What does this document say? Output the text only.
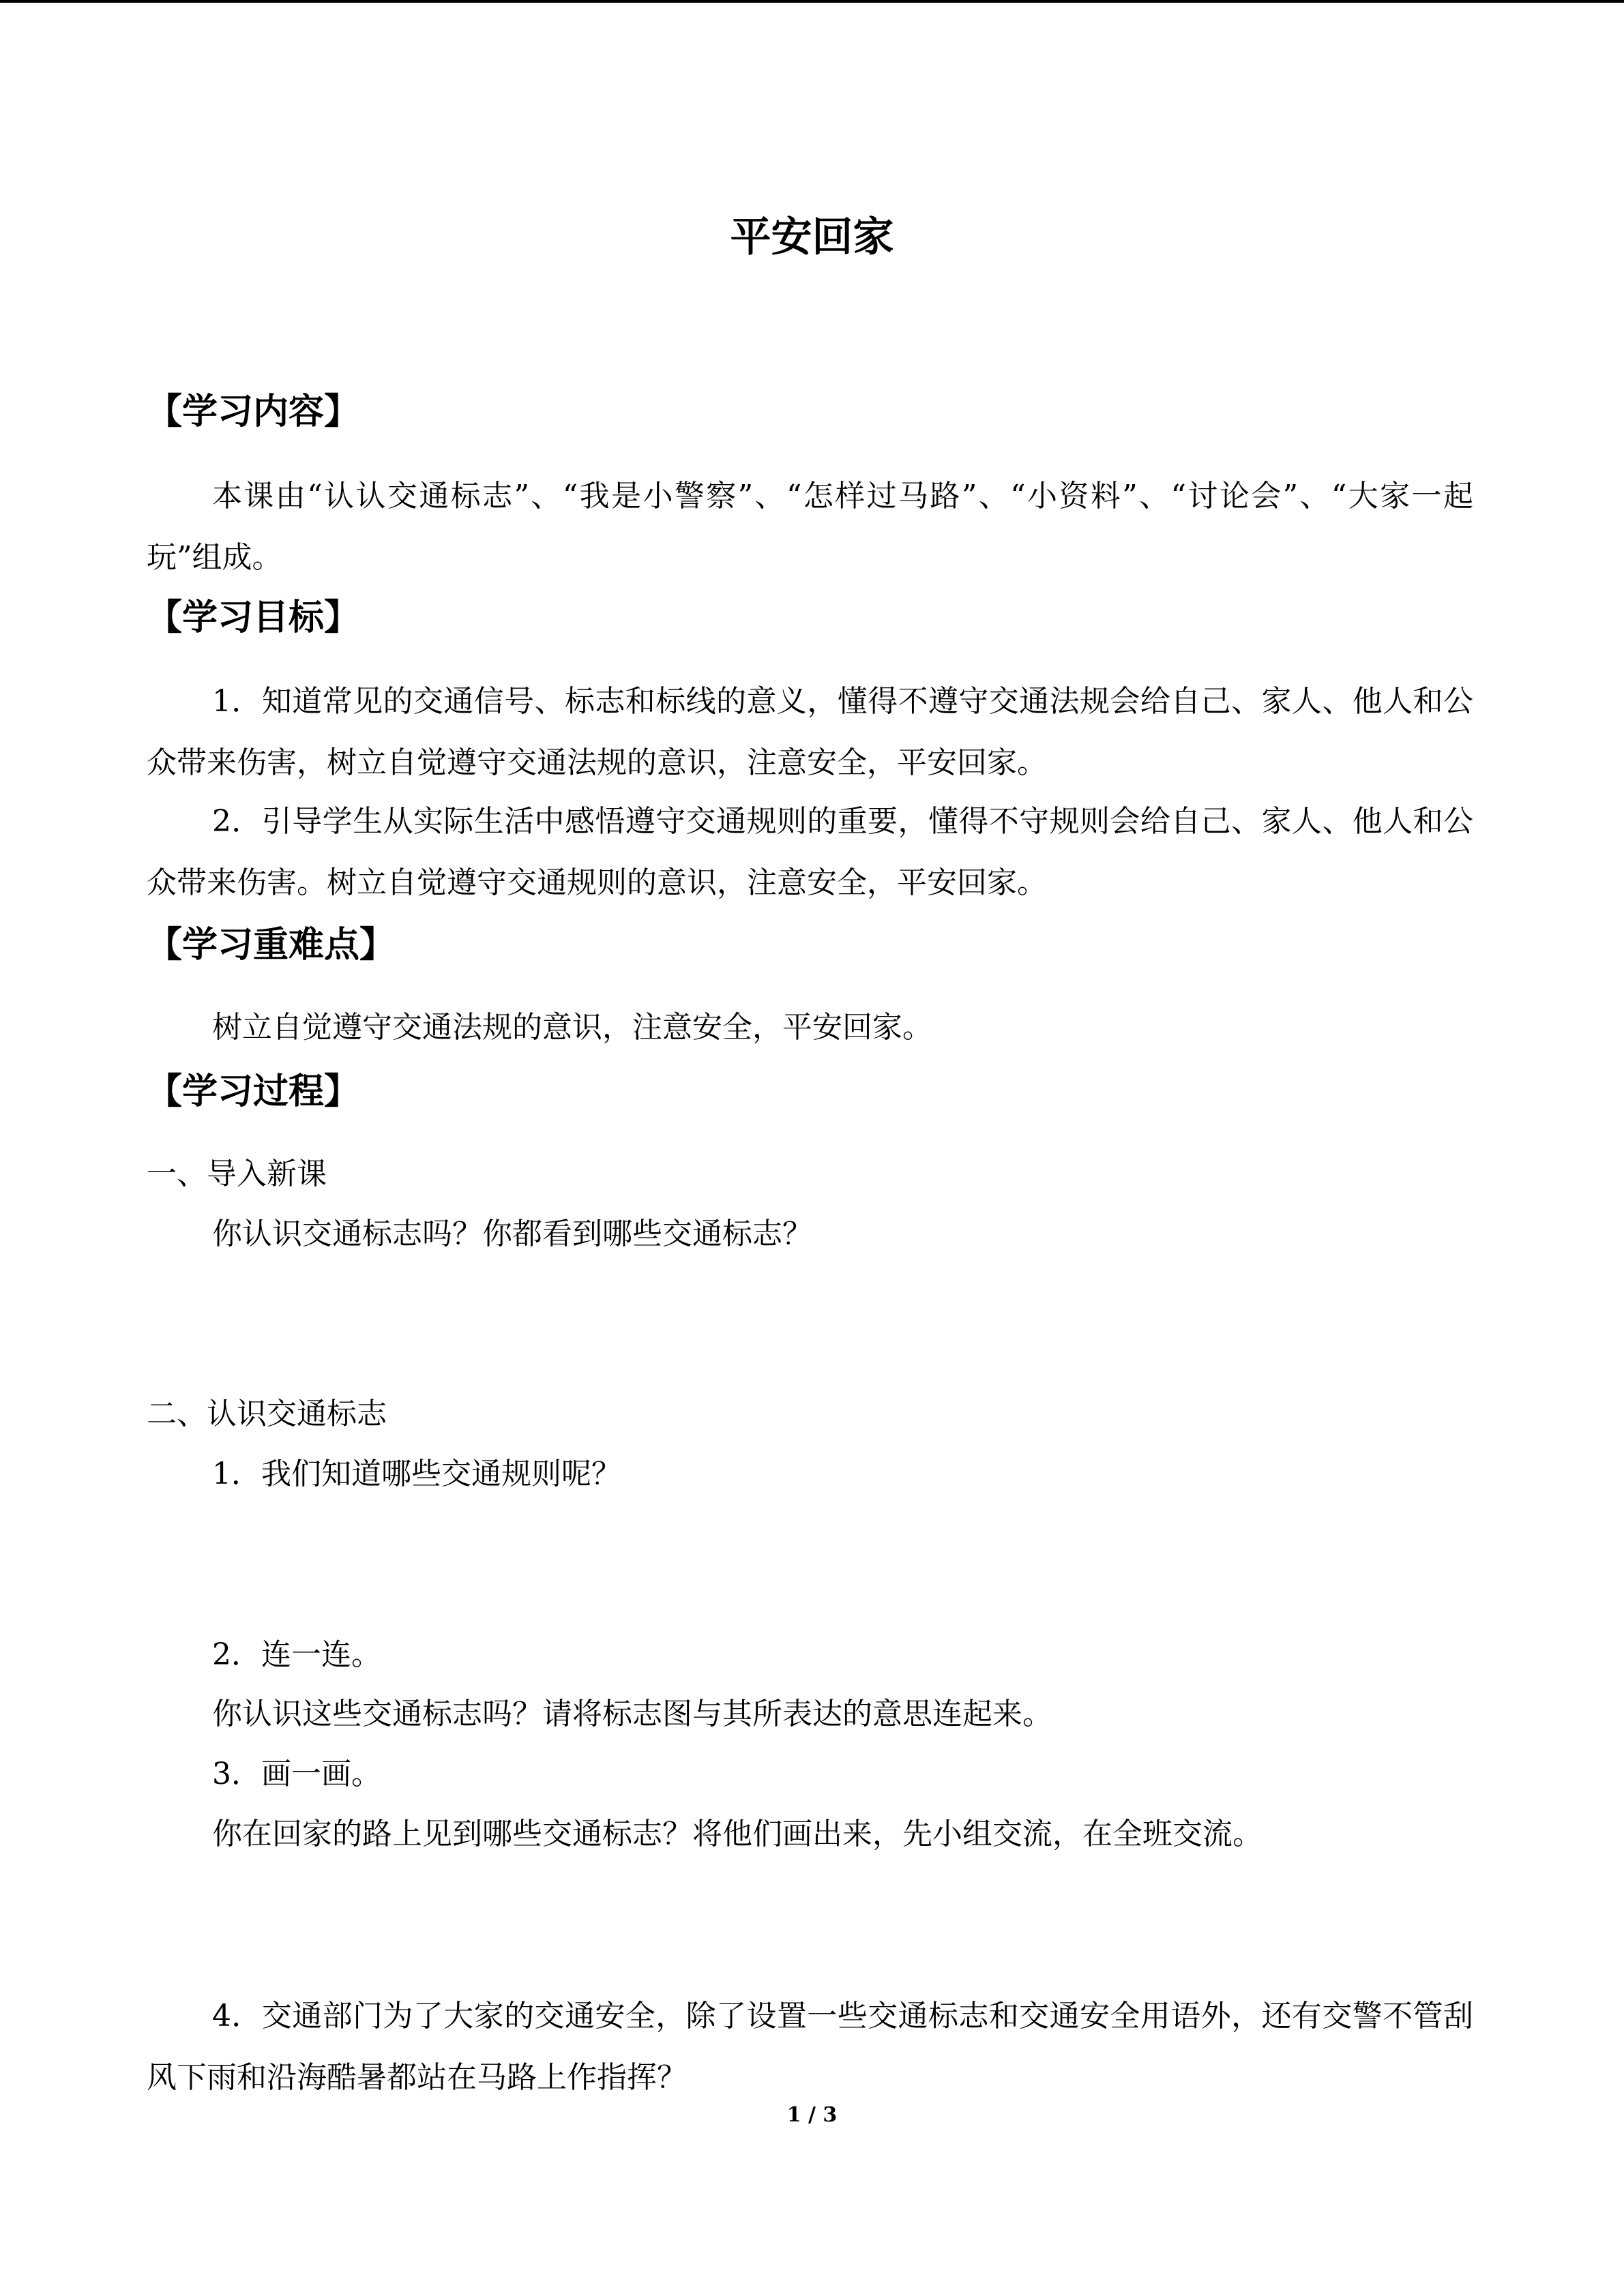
平安回家
【学习内容】
本课由“认认交通标志”、“我是小警察”、“怎样过马路”、“小资料”、“讨论会”、“大家一起玩”组成。
【学习目标】
1．知道常见的交通信号、标志和标线的意义，懂得不遵守交通法规会给自己、家人、他人和公众带来伤害，树立自觉遵守交通法规的意识，注意安全，平安回家。
2．引导学生从实际生活中感悟遵守交通规则的重要，懂得不守规则会给自己、家人、他人和公众带来伤害。树立自觉遵守交通规则的意识，注意安全，平安回家。
【学习重难点】
树立自觉遵守交通法规的意识，注意安全，平安回家。
【学习过程】
一、导入新课
你认识交通标志吗？你都看到哪些交通标志？
二、认识交通标志
1．我们知道哪些交通规则呢？
2．连一连。
你认识这些交通标志吗？请将标志图与其所表达的意思连起来。
3．画一画。
你在回家的路上见到哪些交通标志？将他们画出来，先小组交流，在全班交流。
4．交通部门为了大家的交通安全，除了设置一些交通标志和交通安全用语外，还有交警不管刮风下雨和沿海酷暑都站在马路上作指挥？
1 / 3
